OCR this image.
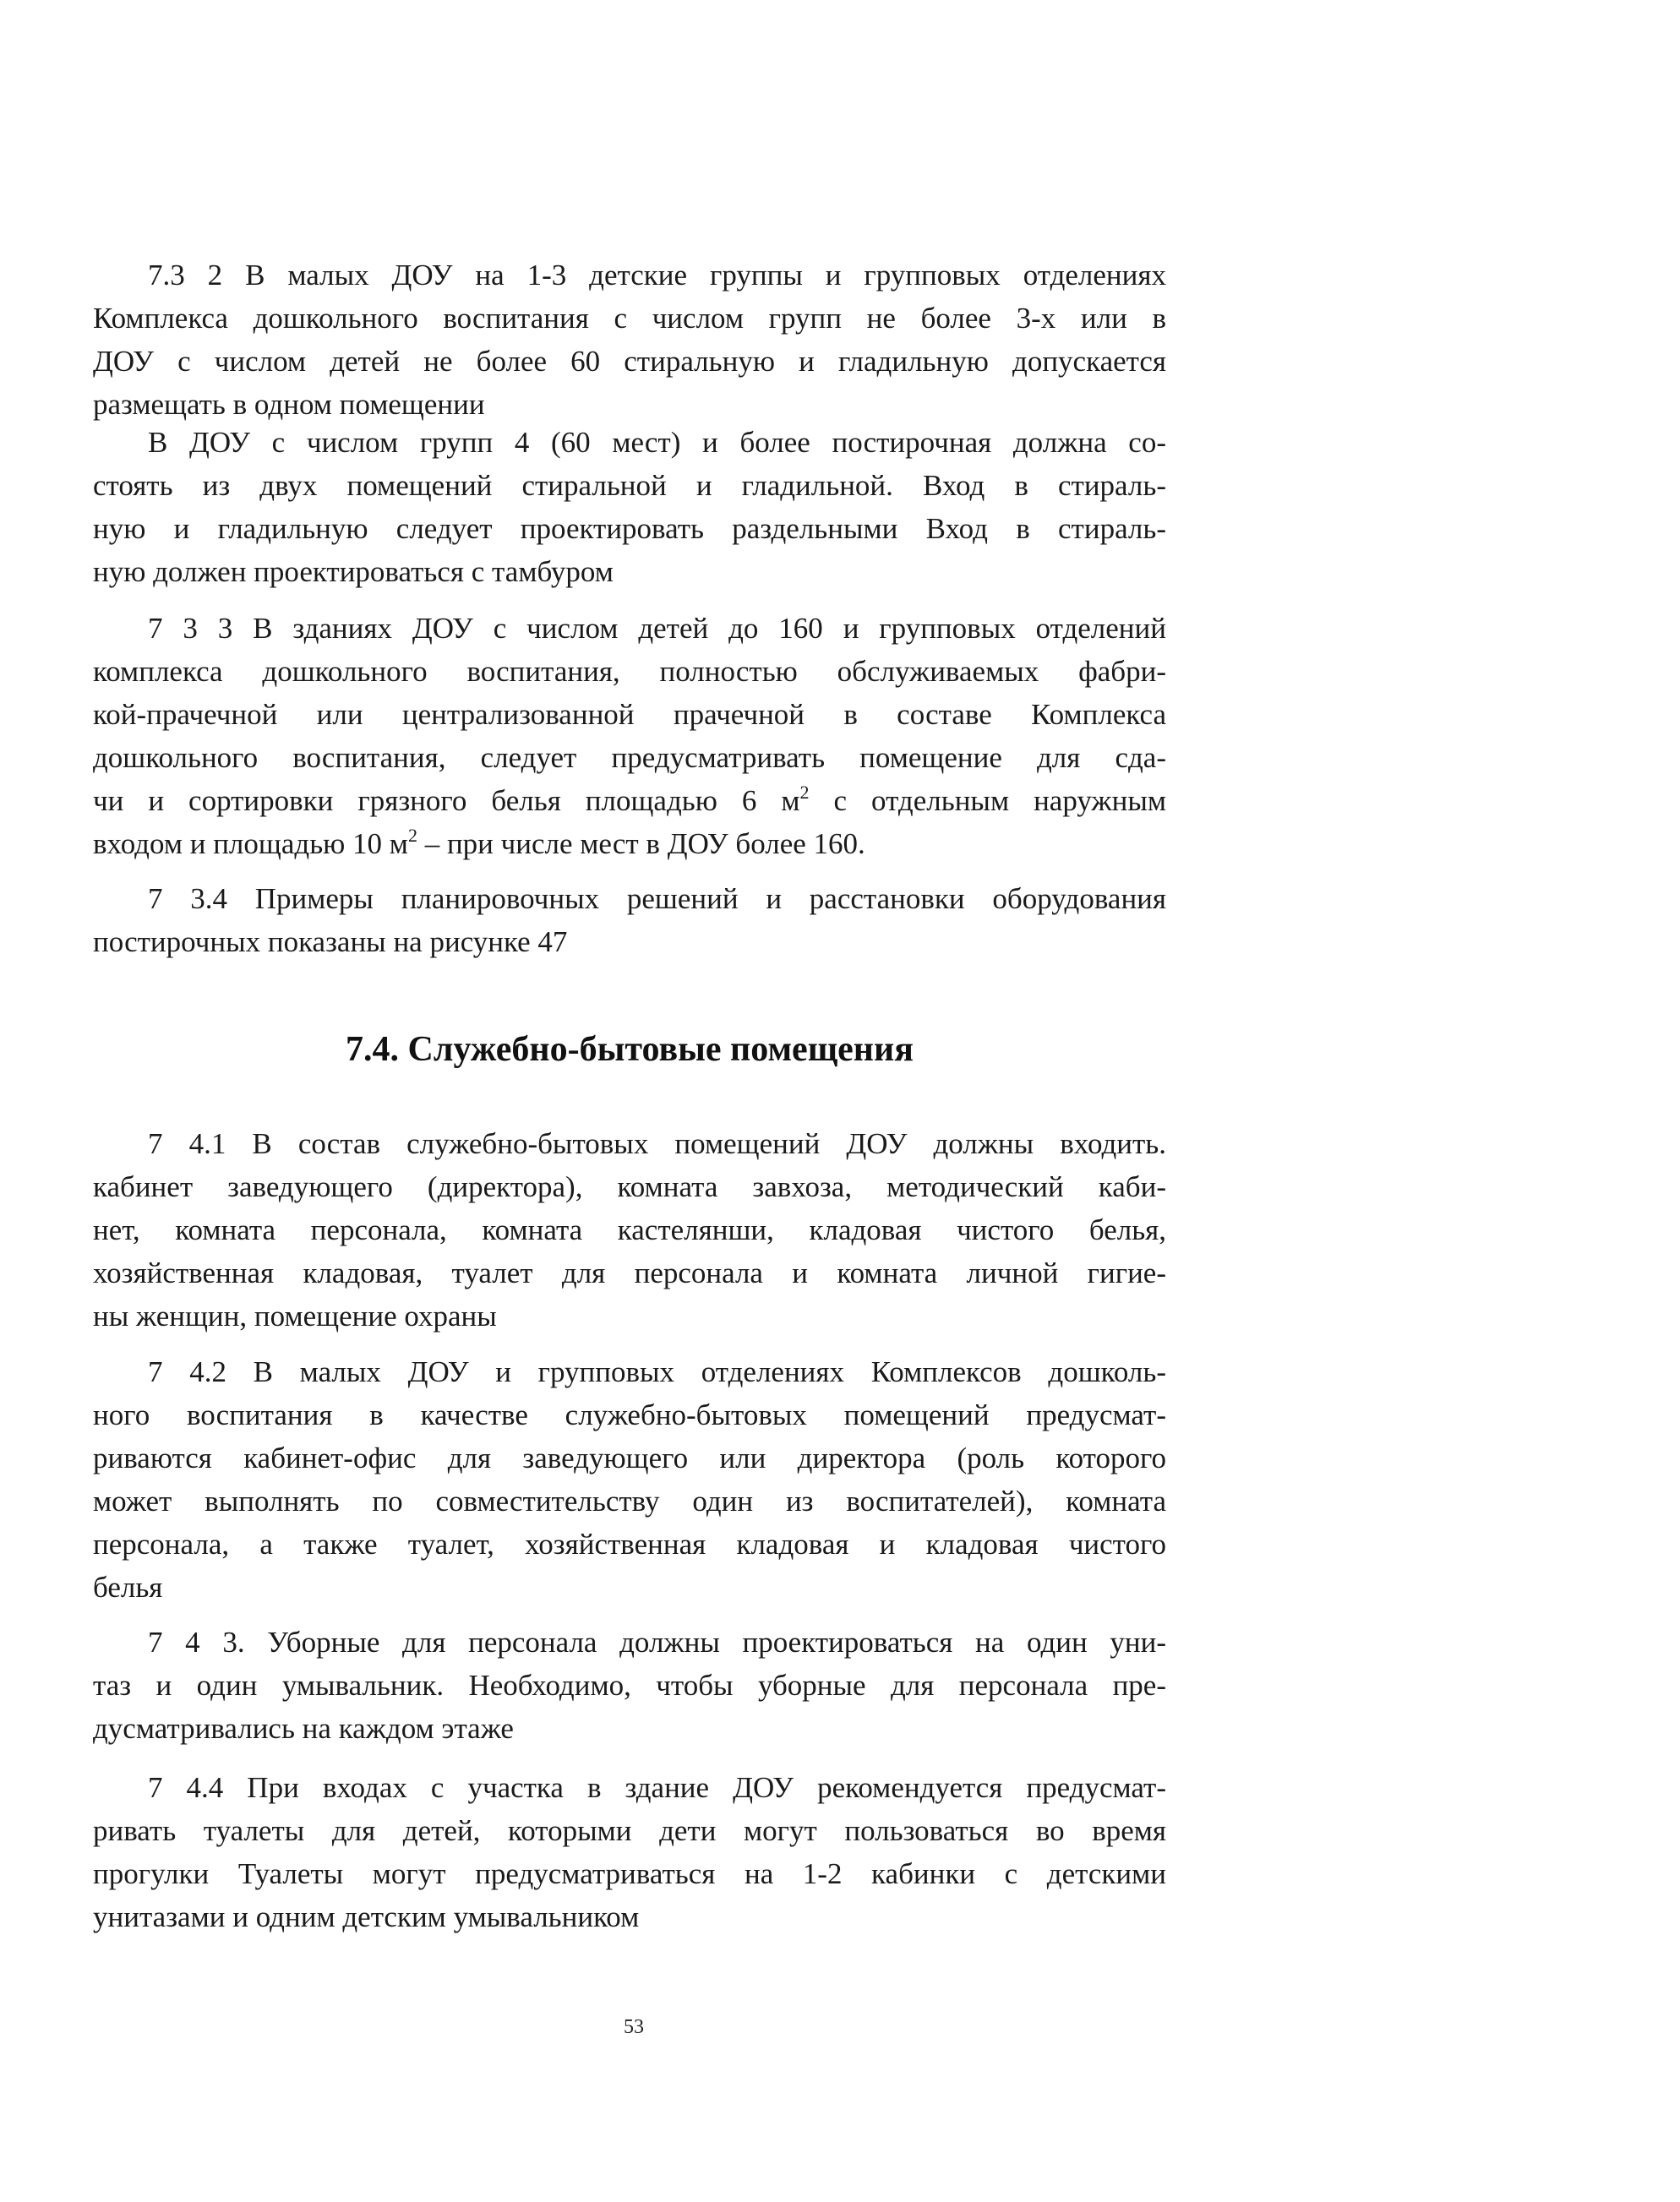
7.3 2 В малых ДОУ на 1-3 детские группы и групповых отделениях
Комплекса дошкольного воспитания с числом групп не более 3-х или в
ДОУ с числом детей не более 60 стиральную и гладильную допускается
размещать в одном помещении

В ДОУ с числом групп 4 (60 мест) и более постирочная должна со-
стоять из двух помещений стиральной и гладильной. Вход в стираль-
ную и гладильную следует проектировать раздельными Вход в стираль-
ную должен проектироваться с тамбуром

7 3 3 В зданиях ДОУ с числом детей до 160 и групповых отделений
комплекса дошкольного воспитания, полностью обслуживаемых фабри-
кой-прачечной или централизованной прачечной в составе Комплекса
дошкольного воспитания, следует предусматривать помещение для сда-
чи и сортировки грязного белья площадью 6 $м^2$ с отдельным наружным
входом и площадью 10 $м^2$ – при числе мест в ДОУ более 160.

7 3.4 Примеры планировочных решений и расстановки оборудования
постирочных показаны на рисунке 47

7.4. Служебно-бытовые помещения

7 4.1 В состав служебно-бытовых помещений ДОУ должны входить.
кабинет заведующего (директора), комната завхоза, методический каби-
нет, комната персонала, комната кастелянши, кладовая чистого белья,
хозяйственная кладовая, туалет для персонала и комната личной гигие-
ны женщин, помещение охраны

7 4.2 В малых ДОУ и групповых отделениях Комплексов дошколь-
ного воспитания в качестве служебно-бытовых помещений предусмат-
риваются кабинет-офис для заведующего или директора (роль которого
может выполнять по совместительству один из воспитателей), комната
персонала, а также туалет, хозяйственная кладовая и кладовая чистого
белья

7 4 3. Уборные для персонала должны проектироваться на один уни-
таз и один умывальник. Необходимо, чтобы уборные для персонала пре-
дусматривались на каждом этаже

7 4.4 При входах с участка в здание ДОУ рекомендуется предусмат-
ривать туалеты для детей, которыми дети могут пользоваться во время
прогулки Туалеты могут предусматриваться на 1-2 кабинки с детскими
унитазами и одним детским умывальником

53
